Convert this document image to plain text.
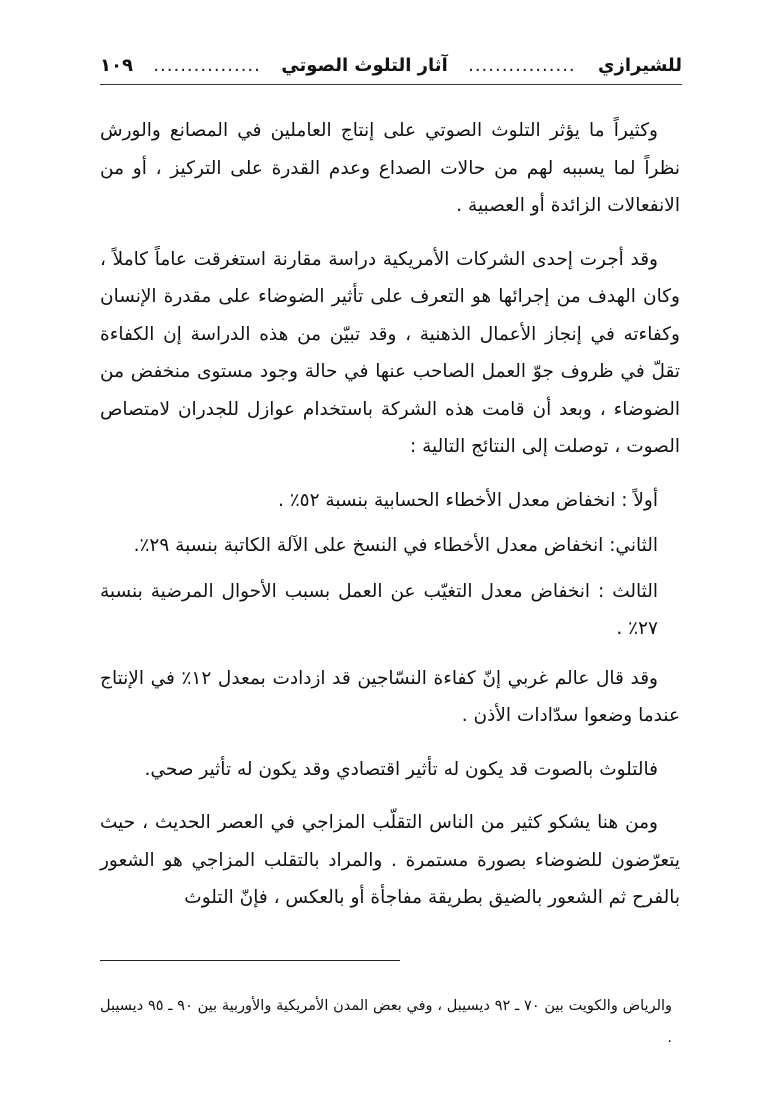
للشيرازي
................
آثار التلوث الصوتي
................
١٠٩

وكثيراً ما يؤثر التلوث الصوتي على إنتاج العاملين في المصانع والورش نظراً لما يسببه لهم من حالات الصداع وعدم القدرة على التركيز ، أو من الانفعالات الزائدة أو العصبية .

وقد أجرت إحدى الشركات الأمريكية دراسة مقارنة استغرقت عاماً كاملاً ، وكان الهدف من إجرائها هو التعرف على تأثير الضوضاء على مقدرة الإنسان وكفاءته في إنجاز الأعمال الذهنية ، وقد تبيّن من هذه الدراسة إن الكفاءة تقلّ في ظروف جوّ العمل الصاحب عنها في حالة وجود مستوى منخفض من الضوضاء ، وبعد أن قامت هذه الشركة باستخدام عوازل للجدران لامتصاص الصوت ، توصلت إلى النتائج التالية :

أولاً : انخفاض معدل الأخطاء الحسابية بنسبة ٥٢٪ .

الثاني: انخفاض معدل الأخطاء في النسخ على الآلة الكاتبة بنسبة ٢٩٪.

الثالث : انخفاض معدل التغيّب عن العمل بسبب الأحوال المرضية بنسبة ٢٧٪ .

وقد قال عالم غربي إنّ كفاءة النسّاجين قد ازدادت بمعدل ١٢٪ في الإنتاج عندما وضعوا سدّادات الأذن .

فالتلوث بالصوت قد يكون له تأثير اقتصادي وقد يكون له تأثير صحي.

ومن هنا يشكو كثير من الناس التقلّب المزاجي في العصر الحديث ، حيث يتعرّضون للضوضاء بصورة مستمرة . والمراد بالتقلب المزاجي هو الشعور بالفرح ثم الشعور بالضيق بطريقة مفاجأة أو بالعكس ، فإنّ التلوث

والرياض والكويت بين ٧٠ ـ ٩٢ ديسيبل ، وفي بعض المدن الأمريكية والأوربية بين ٩٠ ـ ٩٥ ديسيبل .
